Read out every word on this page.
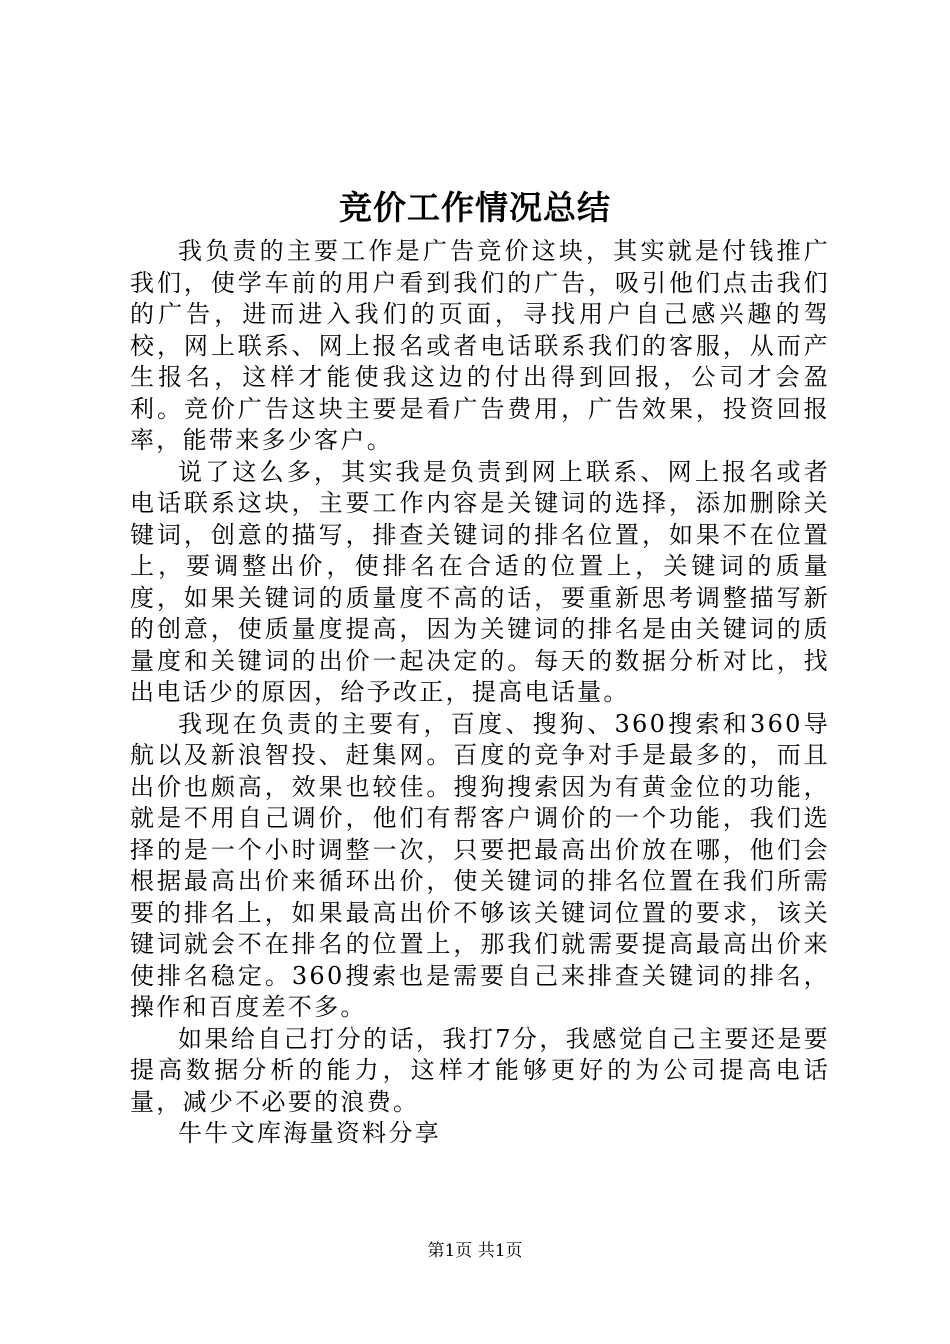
竞价工作情况总结

我负责的主要工作是广告竞价这块，其实就是付钱推广我们，使学车前的用户看到我们的广告，吸引他们点击我们的广告，进而进入我们的页面，寻找用户自己感兴趣的驾校，网上联系、网上报名或者电话联系我们的客服，从而产生报名，这样才能使我这边的付出得到回报，公司才会盈利。竞价广告这块主要是看广告费用，广告效果，投资回报率，能带来多少客户。

说了这么多，其实我是负责到网上联系、网上报名或者电话联系这块，主要工作内容是关键词的选择，添加删除关键词，创意的描写，排查关键词的排名位置，如果不在位置上，要调整出价，使排名在合适的位置上，关键词的质量度，如果关键词的质量度不高的话，要重新思考调整描写新的创意，使质量度提高，因为关键词的排名是由关键词的质量度和关键词的出价一起决定的。每天的数据分析对比，找出电话少的原因，给予改正，提高电话量。

我现在负责的主要有，百度、搜狗、360搜索和360导航以及新浪智投、赶集网。百度的竞争对手是最多的，而且出价也颇高，效果也较佳。搜狗搜索因为有黄金位的功能，就是不用自己调价，他们有帮客户调价的一个功能，我们选择的是一个小时调整一次，只要把最高出价放在哪，他们会根据最高出价来循环出价，使关键词的排名位置在我们所需要的排名上，如果最高出价不够该关键词位置的要求，该关键词就会不在排名的位置上，那我们就需要提高最高出价来使排名稳定。360搜索也是需要自己来排查关键词的排名，操作和百度差不多。

如果给自己打分的话，我打7分，我感觉自己主要还是要提高数据分析的能力，这样才能够更好的为公司提高电话量，减少不必要的浪费。

牛牛文库海量资料分享

第1页 共1页
